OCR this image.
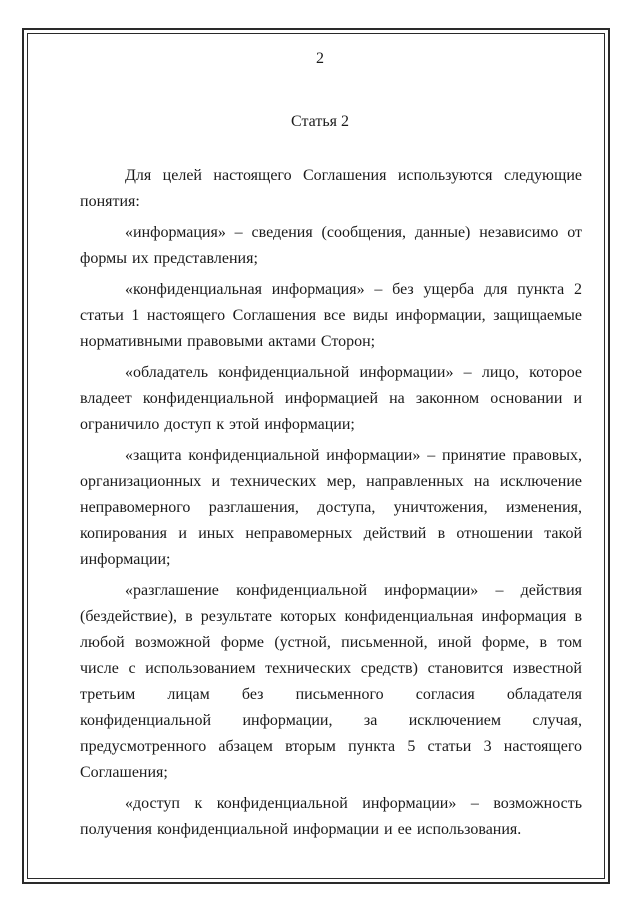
2
Статья 2

Для целей настоящего Соглашения используются следующие понятия:

«информация» – сведения (сообщения, данные) независимо от формы их представления;

«конфиденциальная информация» – без ущерба для пункта 2 статьи 1 настоящего Соглашения все виды информации, защищаемые нормативными правовыми актами Сторон;

«обладатель конфиденциальной информации» – лицо, которое владеет конфиденциальной информацией на законном основании и ограничило доступ к этой информации;

«защита конфиденциальной информации» – принятие правовых, организационных и технических мер, направленных на исключение неправомерного разглашения, доступа, уничтожения, изменения, копирования и иных неправомерных действий в отношении такой информации;

«разглашение конфиденциальной информации» – действия (бездействие), в результате которых конфиденциальная информация в любой возможной форме (устной, письменной, иной форме, в том числе с использованием технических средств) становится известной третьим лицам без письменного согласия обладателя конфиденциальной информации, за исключением случая, предусмотренного абзацем вторым пункта 5 статьи 3 настоящего Соглашения;

«доступ к конфиденциальной информации» – возможность получения конфиденциальной информации и ее использования.
